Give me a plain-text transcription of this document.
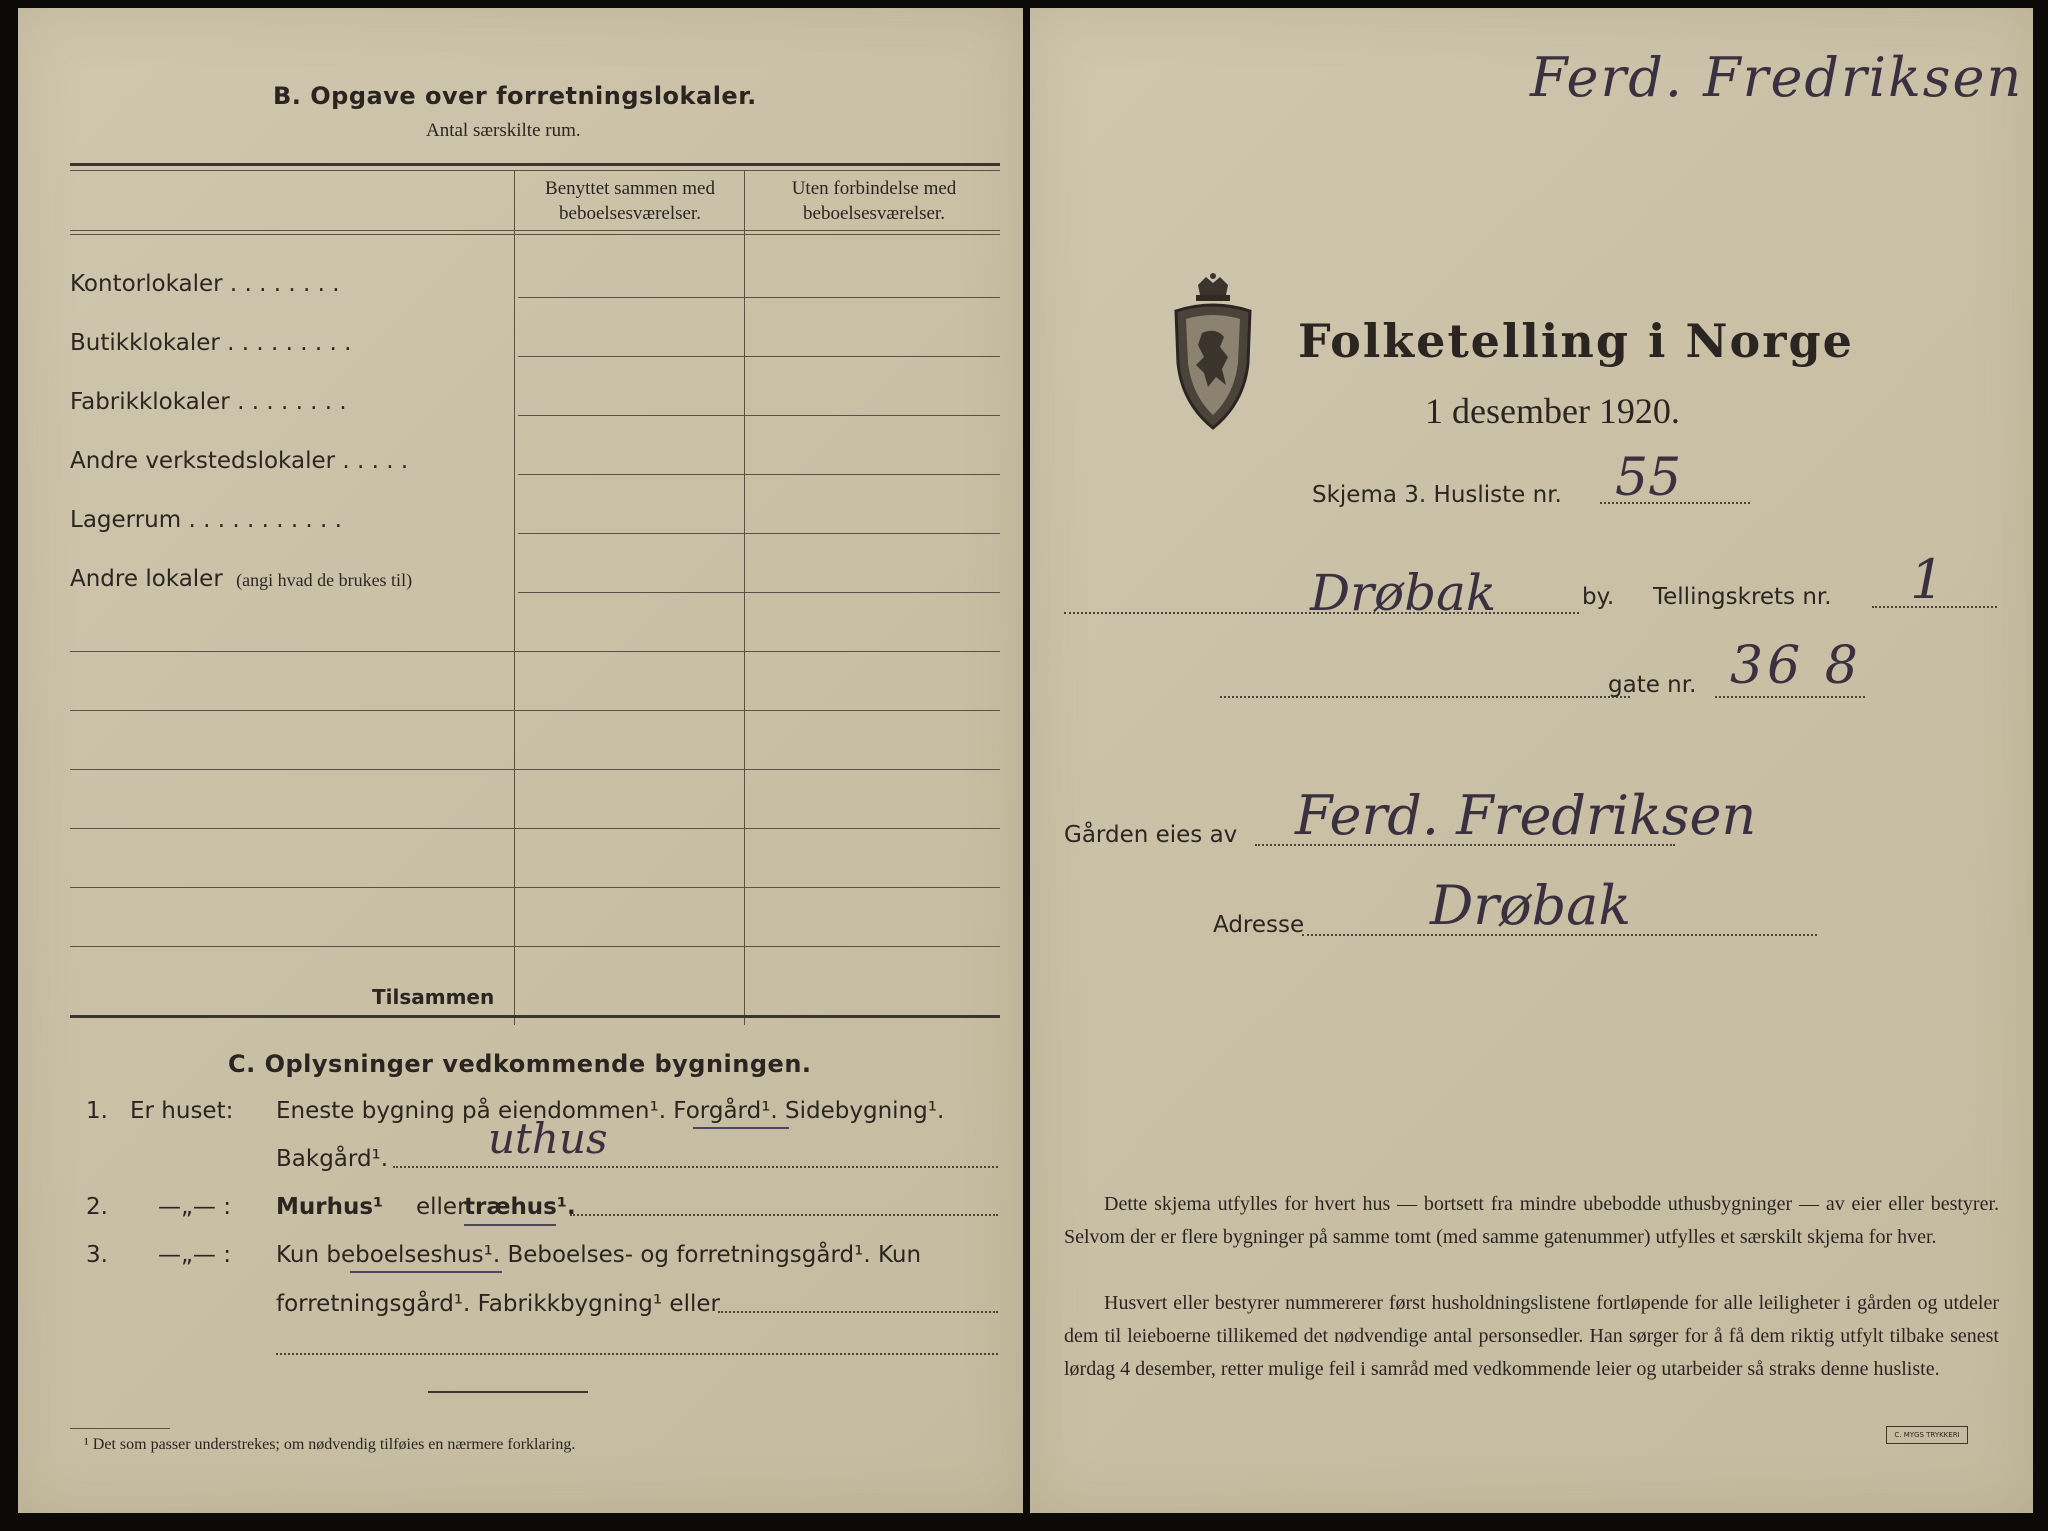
B. Opgave over forretningslokaler.
Antal særskilte rum.
Benyttet sammen med beboelsesværelser.
Uten forbindelse med beboelsesværelser.
Kontorlokaler . . . . . . . .
Butikklokaler . . . . . . . . .
Fabrikklokaler . . . . . . . .
Andre verkstedslokaler . . . . .
Lagerrum . . . . . . . . . . .
Andre lokaler (angi hvad de brukes til)
Tilsammen
C. Oplysninger vedkommende bygningen.
1. Er huset: Eneste bygning på eiendommen¹. Forgård¹. Sidebygning¹.
Bakgård¹. uthus
2. —„— : Murhus¹ eller
træhus¹.
3. —„— : Kun beboelseshus¹. Beboelses- og forretningsgård¹. Kun
forretningsgård¹. Fabrikkbygning¹ eller
¹ Det som passer understrekes; om nødvendig tilføies en nærmere forklaring.
Ferd. Fredriksen
Folketelling i Norge
1 desember 1920.
Skjema 3. Husliste nr. 55
Drøbak	by. Tellingskrets nr. 1
gate nr. 36 8
Gården eies av Ferd. Fredriksen
Adresse Drøbak
Dette skjema utfylles for hvert hus — bortsett fra mindre ubebodde uthusbygninger — av eier eller bestyrer. Selvom der er flere bygninger på samme tomt (med samme gatenummer) utfylles et særskilt skjema for hver.
Husvert eller bestyrer nummererer først husholdningslistene fortløpende for alle leiligheter i gården og utdeler dem til leieboerne tillikemed det nødvendige antal personsedler. Han sørger for å få dem riktig utfylt tilbake senest lørdag 4 desember, retter mulige feil i samråd med vedkommende leier og utarbeider så straks denne husliste.
C. MYGS TRYKKERI
